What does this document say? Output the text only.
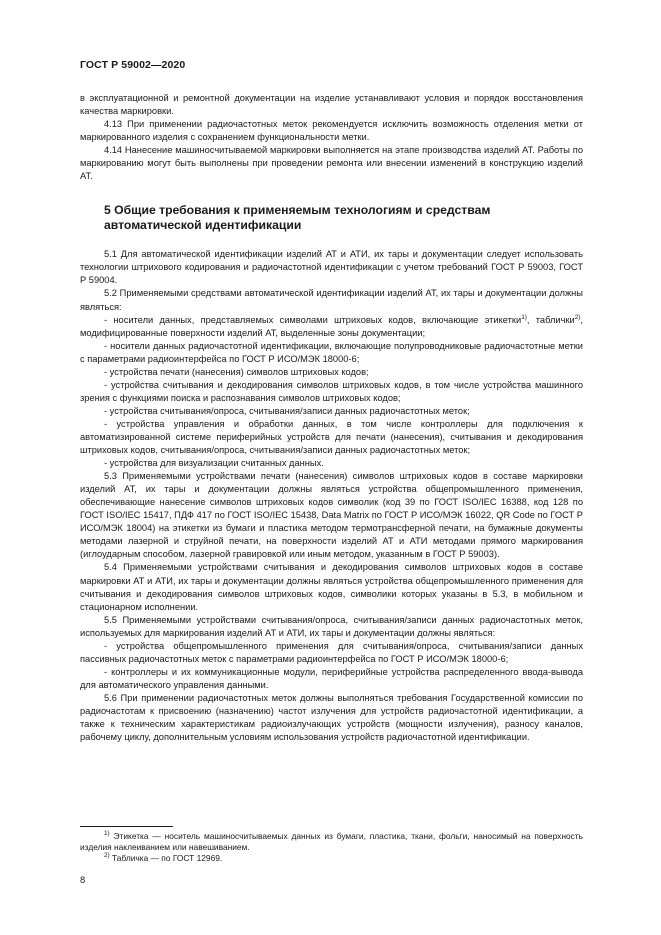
ГОСТ Р 59002—2020

в эксплуатационной и ремонтной документации на изделие устанавливают условия и порядок восстановления качества маркировки.

4.13 При применении радиочастотных меток рекомендуется исключить возможность отделения метки от маркированного изделия с сохранением функциональности метки.

4.14 Нанесение машиносчитываемой маркировки выполняется на этапе производства изделий АТ. Работы по маркированию могут быть выполнены при проведении ремонта или внесении изменений в конструкцию изделий АТ.

5 Общие требования к применяемым технологиям и средствам автоматической идентификации

5.1 Для автоматической идентификации изделий АТ и АТИ, их тары и документации следует использовать технологии штрихового кодирования и радиочастотной идентификации с учетом требований ГОСТ Р 59003, ГОСТ Р 59004.

5.2 Применяемыми средствами автоматической идентификации изделий АТ, их тары и документации должны являться:

- носители данных, представляемых символами штриховых кодов, включающие этикетки$^{1)}$, таблички$^{2)}$, модифицированные поверхности изделий АТ, выделенные зоны документации;

- носители данных радиочастотной идентификации, включающие полупроводниковые радиочастотные метки с параметрами радиоинтерфейса по ГОСТ Р ИСО/МЭК 18000-6;

- устройства печати (нанесения) символов штриховых кодов;

- устройства считывания и декодирования символов штриховых кодов, в том числе устройства машинного зрения с функциями поиска и распознавания символов штриховых кодов;

- устройства считывания/опроса, считывания/записи данных радиочастотных меток;

- устройства управления и обработки данных, в том числе контроллеры для подключения к автоматизированной системе периферийных устройств для печати (нанесения), считывания и декодирования штриховых кодов, считывания/опроса, считывания/записи данных радиочастотных меток;

- устройства для визуализации считанных данных.

5.3 Применяемыми устройствами печати (нанесения) символов штриховых кодов в составе маркировки изделий АТ, их тары и документации должны являться устройства общепромышленного применения, обеспечивающие нанесение символов штриховых кодов символик (код 39 по ГОСТ ISO/IEC 16388, код 128 по ГОСТ ISO/IEC 15417, ПДФ 417 по ГОСТ ISO/IEC 15438, Data Matrix по ГОСТ Р ИСО/МЭК 16022, QR Code по ГОСТ Р ИСО/МЭК 18004) на этикетки из бумаги и пластика методом термотрансферной печати, на бумажные документы методами лазерной и струйной печати, на поверхности изделий АТ и АТИ методами прямого маркирования (иглоударным способом, лазерной гравировкой или иным методом, указанным в ГОСТ Р 59003).

5.4 Применяемыми устройствами считывания и декодирования символов штриховых кодов в составе маркировки АТ и АТИ, их тары и документации должны являться устройства общепромышленного применения для считывания и декодирования символов штриховых кодов, символики которых указаны в 5.3, в мобильном и стационарном исполнении.

5.5 Применяемыми устройствами считывания/опроса, считывания/записи данных радиочастотных меток, используемых для маркирования изделий АТ и АТИ, их тары и документации должны являться:

- устройства общепромышленного применения для считывания/опроса, считывания/записи данных пассивных радиочастотных меток с параметрами радиоинтерфейса по ГОСТ Р ИСО/МЭК 18000-6;

- контроллеры и их коммуникационные модули, периферийные устройства распределенного ввода-вывода для автоматического управления данными.

5.6 При применении радиочастотных меток должны выполняться требования Государственной комиссии по радиочастотам к присвоению (назначению) частот излучения для устройств радиочастотной идентификации, а также к техническим характеристикам радиоизлучающих устройств (мощности излучения), разносу каналов, рабочему циклу, дополнительным условиям использования устройств радиочастотной идентификации.

$^{1)}$ Этикетка — носитель машиносчитываемых данных из бумаги, пластика, ткани, фольги, наносимый на поверхность изделия наклеиванием или навешиванием.

$^{2)}$ Табличка — по ГОСТ 12969.

8
